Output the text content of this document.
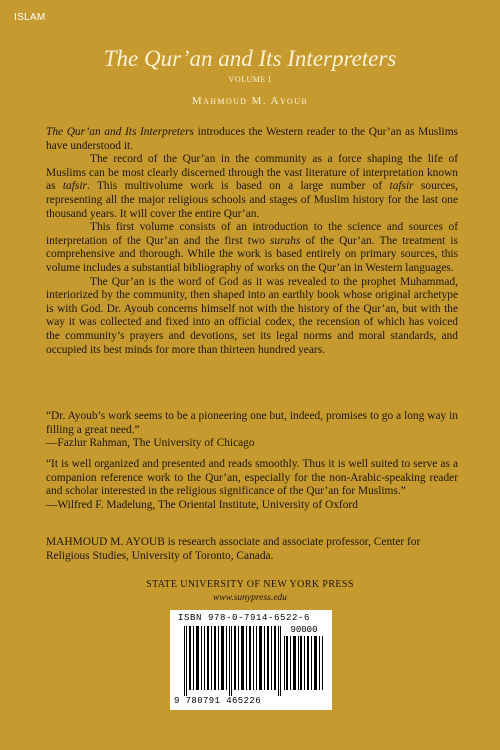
ISLAM
The Qur’an and Its Interpreters
VOLUME I
Mahmoud M. Ayoub

The Qur’an and Its Interpreters introduces the Western reader to the Qur’an as Muslims have understood it.

The record of the Qur’an in the community as a force shaping the life of Muslims can be most clearly discerned through the vast literature of interpretation known as tafsir. This multivolume work is based on a large number of tafsir sources, representing all the major religious schools and stages of Muslim history for the last one thousand years. It will cover the entire Qur’an.

This first volume consists of an introduction to the science and sources of interpretation of the Qur’an and the first two surahs of the Qur’an. The treatment is comprehensive and thorough. While the work is based entirely on primary sources, this volume includes a substantial bibliography of works on the Qur’an in Western languages.

The Qur’an is the word of God as it was revealed to the prophet Muhammad, interiorized by the community, then shaped into an earthly book whose original archetype is with God. Dr. Ayoub concerns himself not with the history of the Qur’an, but with the way it was collected and fixed into an official codex, the recension of which has voiced the community’s prayers and devotions, set its legal norms and moral standards, and occupied its best minds for more than thirteen hundred years.

“Dr. Ayoub’s work seems to be a pioneering one but, indeed, promises to go a long way in filling a great need.”

—Fazlur Rahman, The University of Chicago

“It is well organized and presented and reads smoothly. Thus it is well suited to serve as a companion reference work to the Qur’an, especially for the non-Arabic-speaking reader and scholar interested in the religious significance of the Qur’an for Muslims.”

—Wilfred F. Madelung, The Oriental Institute, University of Oxford

MAHMOUD M. AYOUB is research associate and associate professor, Center for Religious Studies, University of Toronto, Canada.
STATE UNIVERSITY OF NEW YORK PRESS
www.sunypress.edu
ISBN 978-0-7914-6522-6
90000
9 780791 465226
